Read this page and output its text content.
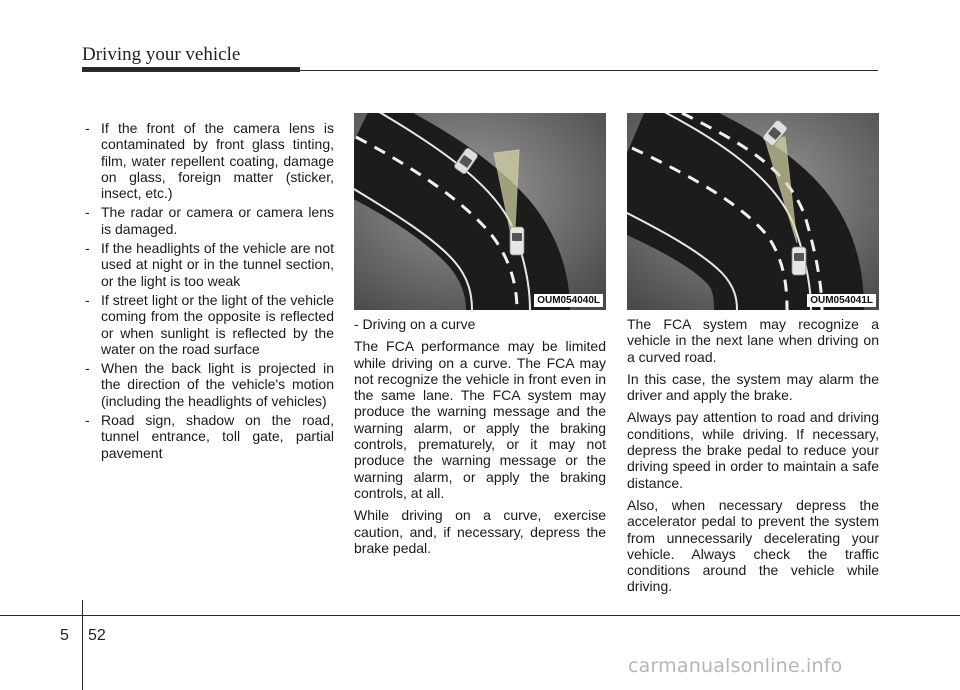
Driving your vehicle
- If the front of the camera lens is contaminated by front glass tinting, film, water repellent coating, damage on glass, foreign matter (sticker, insect, etc.)
- The radar or camera or camera lens is damaged.
- If the headlights of the vehicle are not used at night or in the tunnel section, or the light is too weak
- If street light or the light of the vehicle coming from the opposite is reflected or when sunlight is reflected by the water on the road surface
- When the back light is projected in the direction of the vehicle's motion (including the headlights of vehicles)
- Road sign, shadow on the road, tunnel entrance, toll gate, partial pavement
OUM054040L	OUM054041L

- Driving on a curve

The FCA performance may be limited while driving on a curve. The FCA may not recognize the vehicle in front even in the same lane. The FCA system may produce the warning message and the warning alarm, or apply the braking controls, prematurely, or it may not produce the warning message or the warning alarm, or apply the braking controls, at all.

While driving on a curve, exercise caution, and, if necessary, depress the brake pedal.

The FCA system may recognize a vehicle in the next lane when driving on a curved road.

In this case, the system may alarm the driver and apply the brake.

Always pay attention to road and driving conditions, while driving. If necessary, depress the brake pedal to reduce your driving speed in order to maintain a safe distance.

Also, when necessary depress the accelerator pedal to prevent the system from unnecessarily decelerating your vehicle. Always check the traffic conditions around the vehicle while driving.

5 52
carmanualsonline.info
